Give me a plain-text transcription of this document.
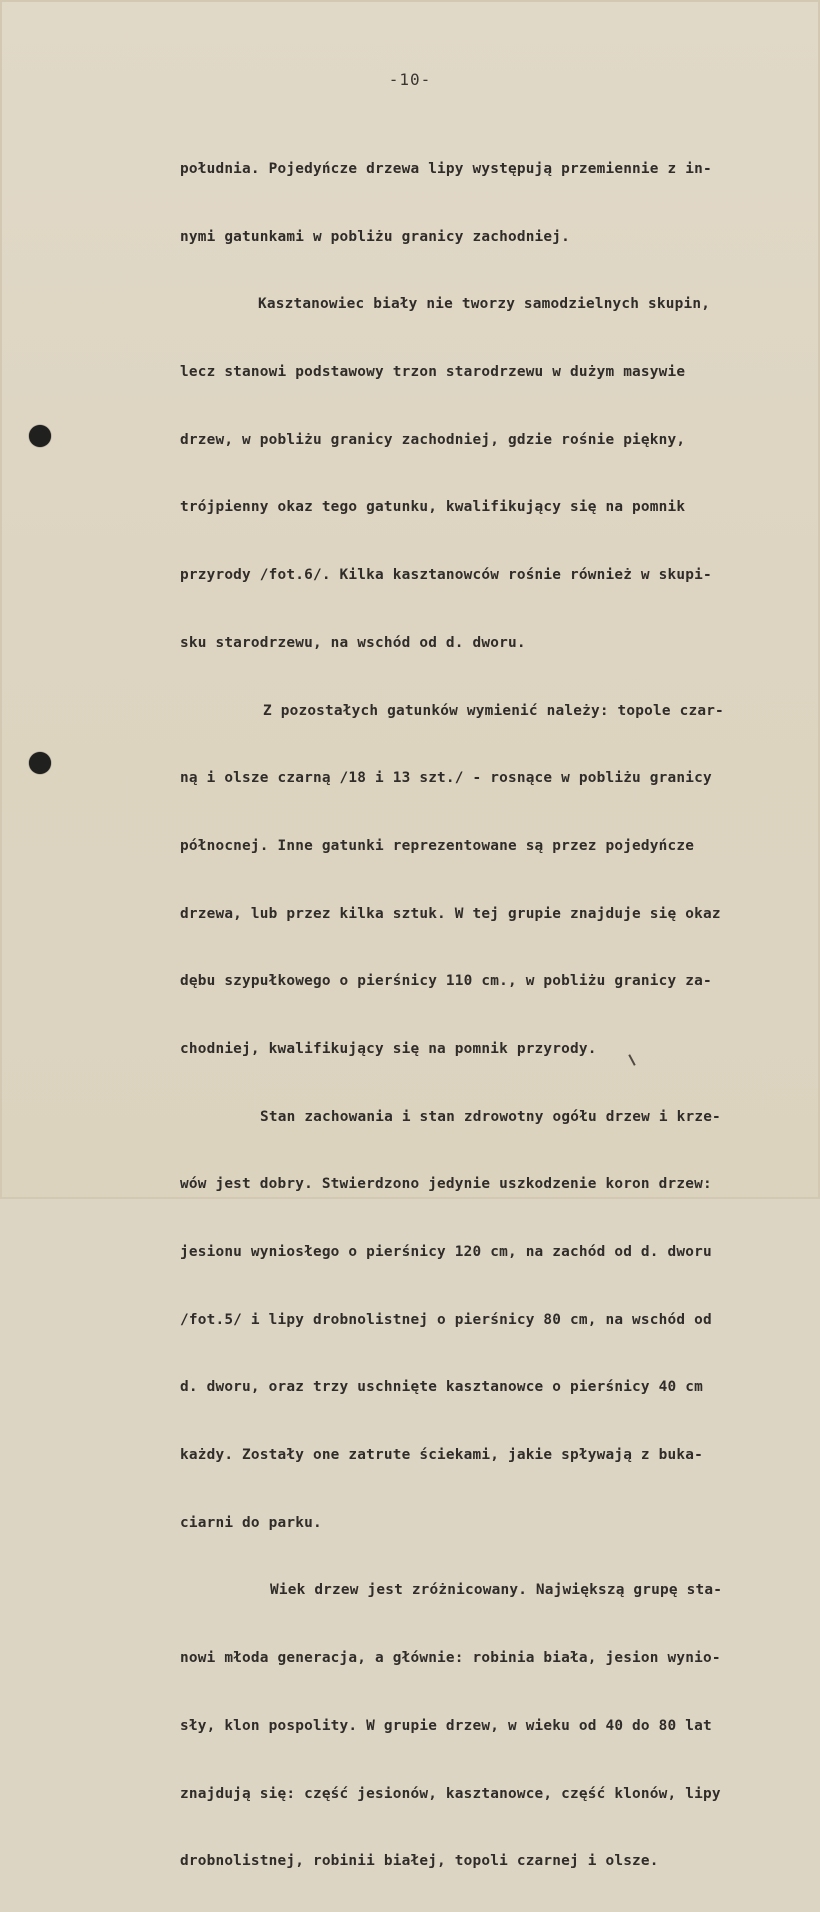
-10-

południa. Pojedyńcze drzewa lipy występują przemiennie z in-

nymi gatunkami w pobliżu granicy zachodniej.

Kasztanowiec biały nie tworzy samodzielnych skupin,

lecz stanowi podstawowy trzon starodrzewu w dużym masywie

drzew, w pobliżu granicy zachodniej, gdzie rośnie piękny,

trójpienny okaz tego gatunku, kwalifikujący się na pomnik

przyrody /fot.6/. Kilka kasztanowców rośnie również w skupi-

sku starodrzewu, na wschód od d. dworu.

Z pozostałych gatunków wymienić należy: topole czar-

ną i olsze czarną /18 i 13 szt./ - rosnące w pobliżu granicy

północnej. Inne gatunki reprezentowane są przez pojedyńcze

drzewa, lub przez kilka sztuk. W tej grupie znajduje się okaz

dębu szypułkowego o pierśnicy 110 cm., w pobliżu granicy za-

chodniej, kwalifikujący się na pomnik przyrody.

Stan zachowania i stan zdrowotny ogółu drzew i krze-

wów jest dobry. Stwierdzono jedynie uszkodzenie koron drzew:

jesionu wyniosłego o pierśnicy 120 cm, na zachód od d. dworu

/fot.5/ i lipy drobnolistnej o pierśnicy 80 cm, na wschód od

d. dworu, oraz trzy uschnięte kasztanowce o pierśnicy 40 cm

każdy. Zostały one zatrute ściekami, jakie spływają z buka-

ciarni do parku.

Wiek drzew jest zróżnicowany. Największą grupę sta-

nowi młoda generacja, a głównie: robinia biała, jesion wynio-

sły, klon pospolity. W grupie drzew, w wieku od 40 do 80 lat

znajdują się: część jesionów, kasztanowce, część klonów, lipy

drobnolistnej, robinii białej, topoli czarnej i olsze.
